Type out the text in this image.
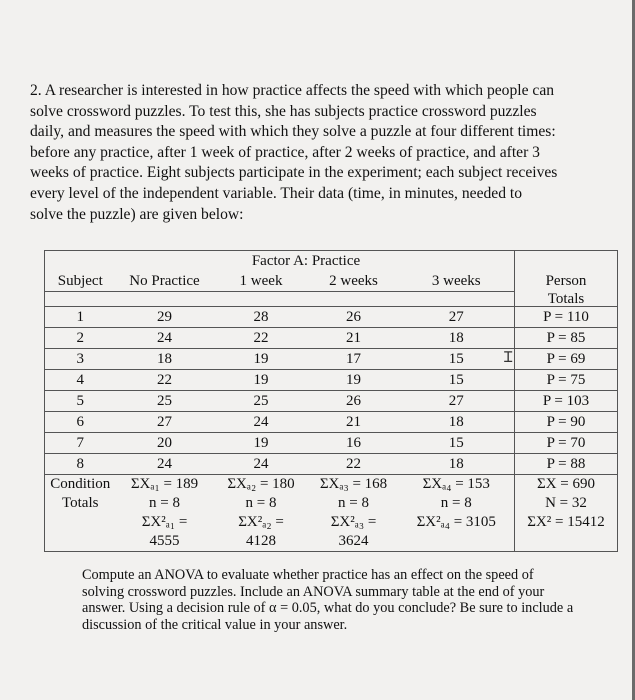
2. A researcher is interested in how practice affects the speed with which people can
solve crossword puzzles. To test this, she has subjects practice crossword puzzles
daily, and measures the speed with which they solve a puzzle at four different times:
before any practice, after 1 week of practice, after 2 weeks of practice, and after 3
weeks of practice. Eight subjects participate in the experiment; each subject receives
every level of the independent variable. Their data (time, in minutes, needed to
solve the puzzle) are given below:
		Factor A: Practice			
Subject	No Practice	1 week	2 weeks	3 weeks	Person
					Totals
1	29	28	26	27	P = 110
2	24	22	21	18	P = 85
3	18	19	17	15	P = 69
4	22	19	19	15	P = 75
5	25	25	26	27	P = 103
6	27	24	21	18	P = 90
7	20	19	16	15	P = 70
8	24	24	22	18	P = 88
Condition	ΣXₐ₁ = 189	ΣXₐ₂ = 180	ΣXₐ₃ = 168	ΣXₐ₄ = 153	ΣX = 690
Totals	n = 8	n = 8	n = 8	n = 8	N = 32
	ΣX²ₐ₁ =	ΣX²ₐ₂ =	ΣX²ₐ₃ =	ΣX²ₐ₄ = 3105	ΣX² = 15412
	4555	4128	3624		
Ɪ
Compute an ANOVA to evaluate whether practice has an effect on the speed of
solving crossword puzzles. Include an ANOVA summary table at the end of your
answer. Using a decision rule of α = 0.05, what do you conclude? Be sure to include a
discussion of the critical value in your answer.
